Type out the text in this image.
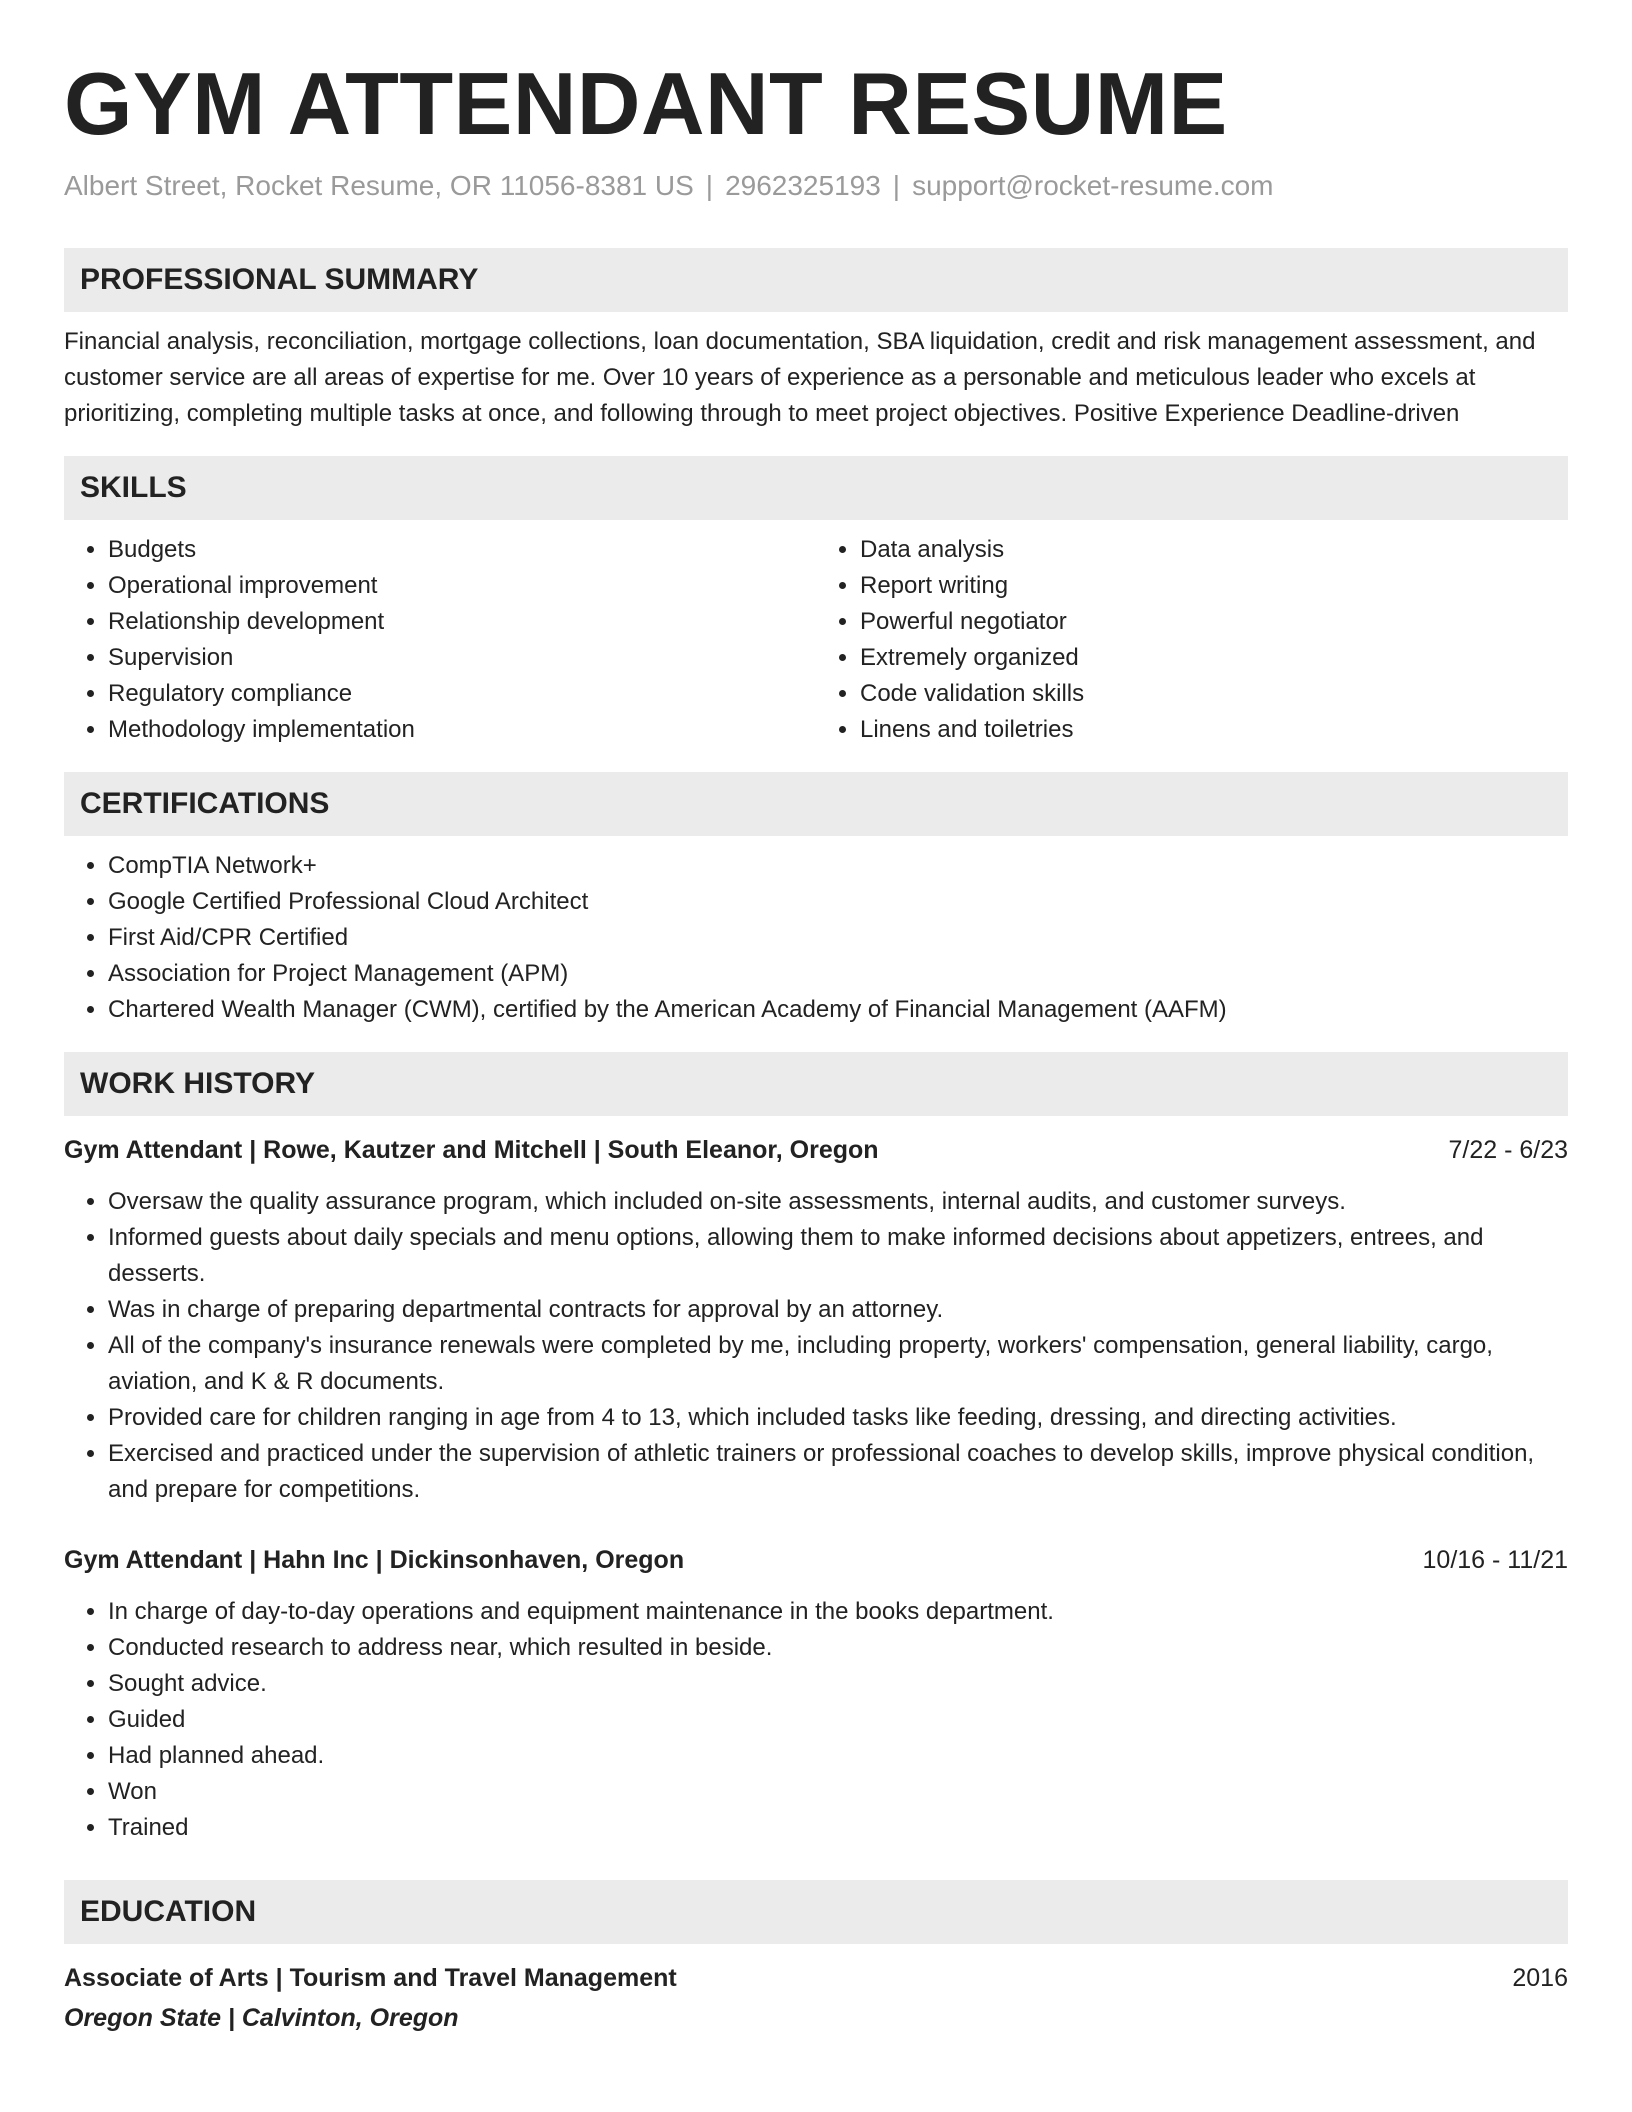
GYM ATTENDANT RESUME
Albert Street, Rocket Resume, OR 11056-8381 US | 2962325193 | support@rocket-resume.com
PROFESSIONAL SUMMARY
Financial analysis, reconciliation, mortgage collections, loan documentation, SBA liquidation, credit and risk management assessment, and customer service are all areas of expertise for me. Over 10 years of experience as a personable and meticulous leader who excels at prioritizing, completing multiple tasks at once, and following through to meet project objectives. Positive Experience Deadline-driven
SKILLS
• Budgets
• Operational improvement
• Relationship development
• Supervision
• Regulatory compliance
• Methodology implementation
• Data analysis
• Report writing
• Powerful negotiator
• Extremely organized
• Code validation skills
• Linens and toiletries
CERTIFICATIONS
• CompTIA Network+
• Google Certified Professional Cloud Architect
• First Aid/CPR Certified
• Association for Project Management (APM)
• Chartered Wealth Manager (CWM), certified by the American Academy of Financial Management (AAFM)
WORK HISTORY
Gym Attendant | Rowe, Kautzer and Mitchell | South Eleanor, Oregon	7/22 - 6/23
• Oversaw the quality assurance program, which included on-site assessments, internal audits, and customer surveys.
• Informed guests about daily specials and menu options, allowing them to make informed decisions about appetizers, entrees, and desserts.
• Was in charge of preparing departmental contracts for approval by an attorney.
• All of the company's insurance renewals were completed by me, including property, workers' compensation, general liability, cargo, aviation, and K & R documents.
• Provided care for children ranging in age from 4 to 13, which included tasks like feeding, dressing, and directing activities.
• Exercised and practiced under the supervision of athletic trainers or professional coaches to develop skills, improve physical condition, and prepare for competitions.
Gym Attendant | Hahn Inc | Dickinsonhaven, Oregon	10/16 - 11/21
• In charge of day-to-day operations and equipment maintenance in the books department.
• Conducted research to address near, which resulted in beside.
• Sought advice.
• Guided
• Had planned ahead.
• Won
• Trained
EDUCATION
Associate of Arts | Tourism and Travel Management	2016
Oregon State | Calvinton, Oregon
